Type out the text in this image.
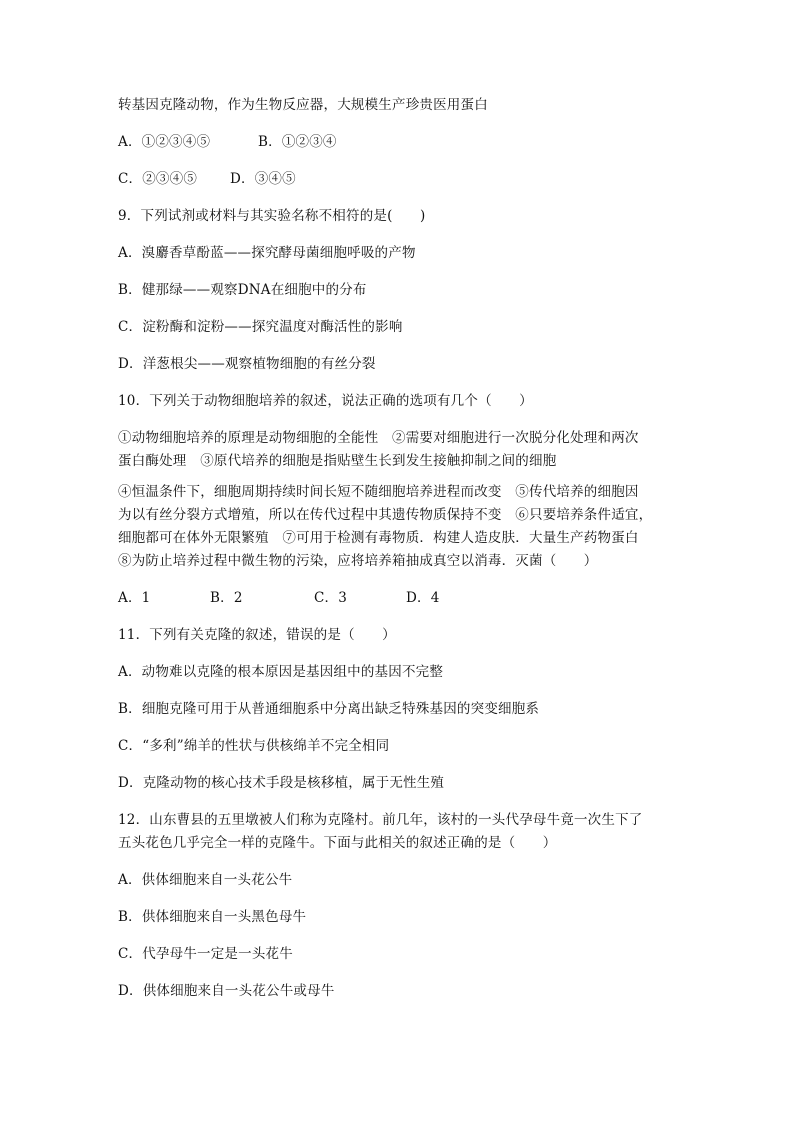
转基因克隆动物，作为生物反应器，大规模生产珍贵医用蛋白

A．①②③④⑤	B．①②③④
C．②③④⑤	D．③④⑤

9．下列试剂或材料与其实验名称不相符的是(　　)

A．溴麝香草酚蓝——探究酵母菌细胞呼吸的产物

B．健那绿——观察DNA在细胞中的分布

C．淀粉酶和淀粉——探究温度对酶活性的影响

D．洋葱根尖——观察植物细胞的有丝分裂

10．下列关于动物细胞培养的叙述，说法正确的选项有几个（　　）

①动物细胞培养的原理是动物细胞的全能性　②需要对细胞进行一次脱分化处理和两次

蛋白酶处理　③原代培养的细胞是指贴壁生长到发生接触抑制之间的细胞

④恒温条件下，细胞周期持续时间长短不随细胞培养进程而改变　⑤传代培养的细胞因

为以有丝分裂方式增殖，所以在传代过程中其遗传物质保持不变　⑥只要培养条件适宜，

细胞都可在体外无限繁殖　⑦可用于检测有毒物质．构建人造皮肤．大量生产药物蛋白

⑧为防止培养过程中微生物的污染，应将培养箱抽成真空以消毒．灭菌（　　）

A．1	B．2	C．3	D．4

11．下列有关克隆的叙述，错误的是（　　）

A．动物难以克隆的根本原因是基因组中的基因不完整

B．细胞克隆可用于从普通细胞系中分离出缺乏特殊基因的突变细胞系

C．“多利”绵羊的性状与供核绵羊不完全相同

D．克隆动物的核心技术手段是核移植，属于无性生殖

12．山东曹县的五里墩被人们称为克隆村。前几年，该村的一头代孕母牛竟一次生下了

五头花色几乎完全一样的克隆牛。下面与此相关的叙述正确的是（　　）

A．供体细胞来自一头花公牛

B．供体细胞来自一头黑色母牛

C．代孕母牛一定是一头花牛

D．供体细胞来自一头花公牛或母牛
